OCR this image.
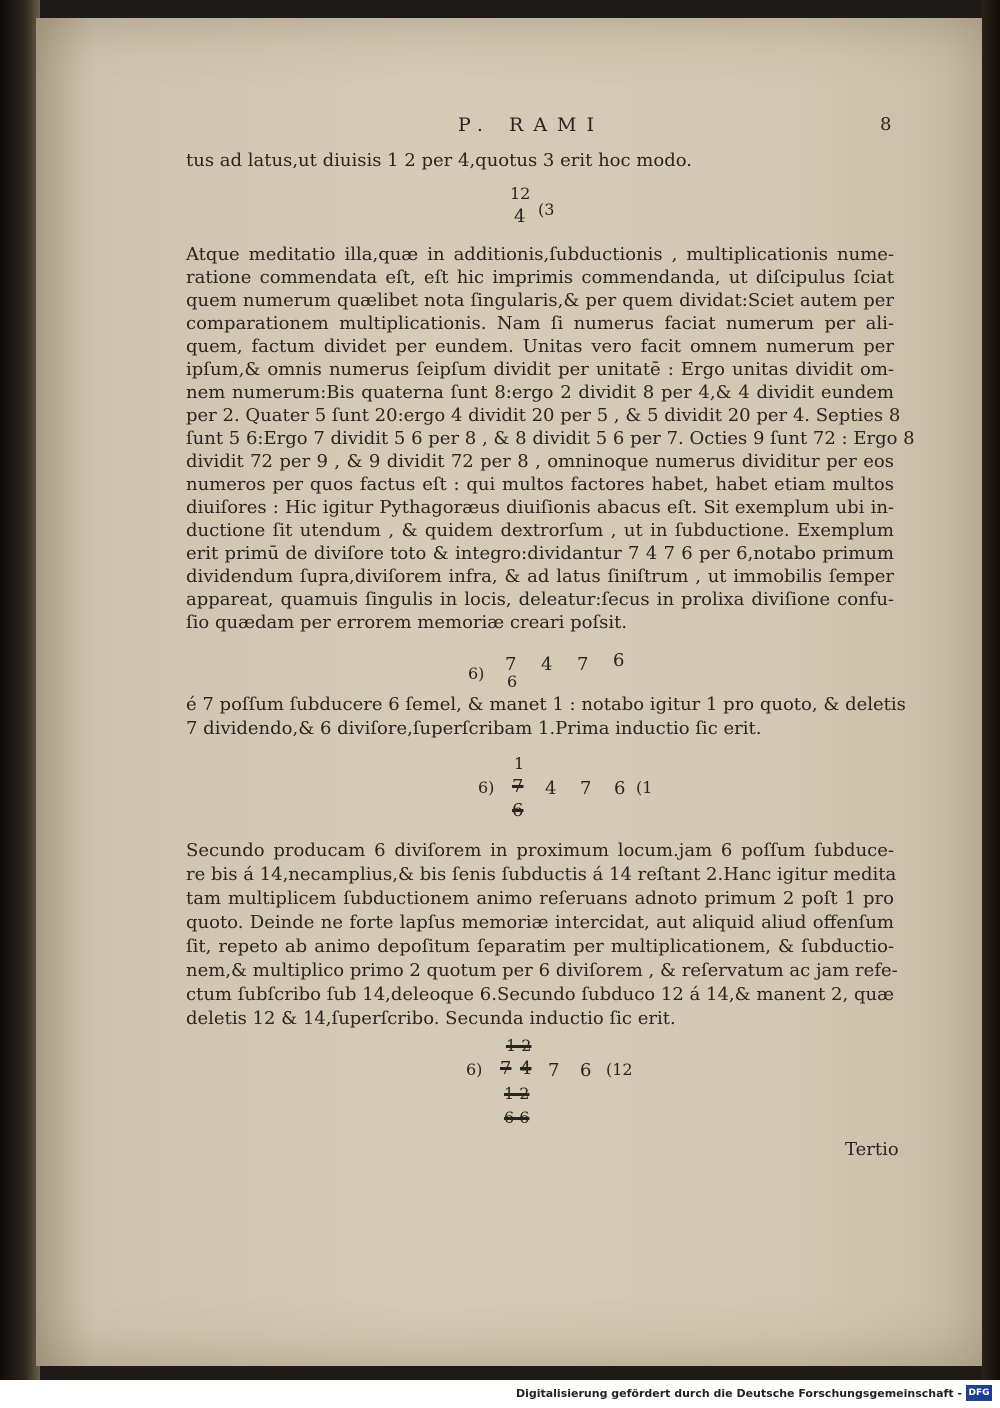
P. RAMI	8
tus ad latus,ut diuisis 1 2 per 4,quotus 3 erit hoc modo.
12
4 (3
Atque meditatio illa,quæ in additionis,ſubductionis , multiplicationis nume-
ratione commendata eſt, eſt hic imprimis commendanda, ut diſcipulus ſciat
quem numerum quælibet nota ſingularis,& per quem dividat:Sciet autem per
comparationem multiplicationis. Nam ſi numerus faciat numerum per ali-
quem, factum dividet per eundem. Unitas vero facit omnem numerum per
ipſum,& omnis numerus ſeipſum dividit per unitatē : Ergo unitas dividit om-
nem numerum:Bis quaterna ſunt 8:ergo 2 dividit 8 per 4,& 4 dividit eundem
per 2. Quater 5 ſunt 20:ergo 4 dividit 20 per 5 , & 5 dividit 20 per 4. Septies 8
ſunt 5 6:Ergo 7 dividit 5 6 per 8 , & 8 dividit 5 6 per 7. Octies 9 ſunt 72 : Ergo 8
dividit 72 per 9 , & 9 dividit 72 per 8 , omninoque numerus dividitur per eos
numeros per quos factus eſt : qui multos factores habet, habet etiam multos
diuiſores : Hic igitur Pythagoræus diuiſionis abacus eſt. Sit exemplum ubi in-
ductione ſit utendum , & quidem dextrorſum , ut in ſubductione. Exemplum
erit primū de diviſore toto & integro:dividantur 7 4 7 6 per 6,notabo primum
dividendum ſupra,diviſorem infra, & ad latus ſiniſtrum , ut immobilis ſemper
appareat, quamuis ſingulis in locis, deleatur:ſecus in prolixa diviſione confu-
ſio quædam per errorem memoriæ creari poſsit.
6) 7 4 7 6
6
é 7 poſſum ſubducere 6 ſemel, & manet 1 : notabo igitur 1 pro quoto, & deletis
7 dividendo,& 6 diviſore,ſuperſcribam 1.Prima inductio ſic erit.
1
6) 7 4 7 6 (1
6
Secundo producam 6 diviſorem in proximum locum.jam 6 poſſum ſubduce-
re bis á 14,necamplius,& bis ſenis ſubductis á 14 reſtant 2.Hanc igitur medita
tam multiplicem ſubductionem animo reſeruans adnoto primum 2 poſt 1 pro
quoto. Deinde ne forte lapſus memoriæ intercidat, aut aliquid aliud offenſum
ſit, repeto ab animo depoſitum ſeparatim per multiplicationem, & ſubductio-
nem,& multiplico primo 2 quotum per 6 diviſorem , & reſervatum ac jam refe-
ctum ſubſcribo ſub 14,deleoque 6.Secundo ſubduco 12 á 14,& manent 2, quæ
deletis 12 & 14,ſuperſcribo. Secunda inductio ſic erit.
1 2
6) 7 4 7 6 (12
1 2
6 6
Tertio
Digitalisierung gefördert durch die Deutsche Forschungsgemeinschaft - DFG
